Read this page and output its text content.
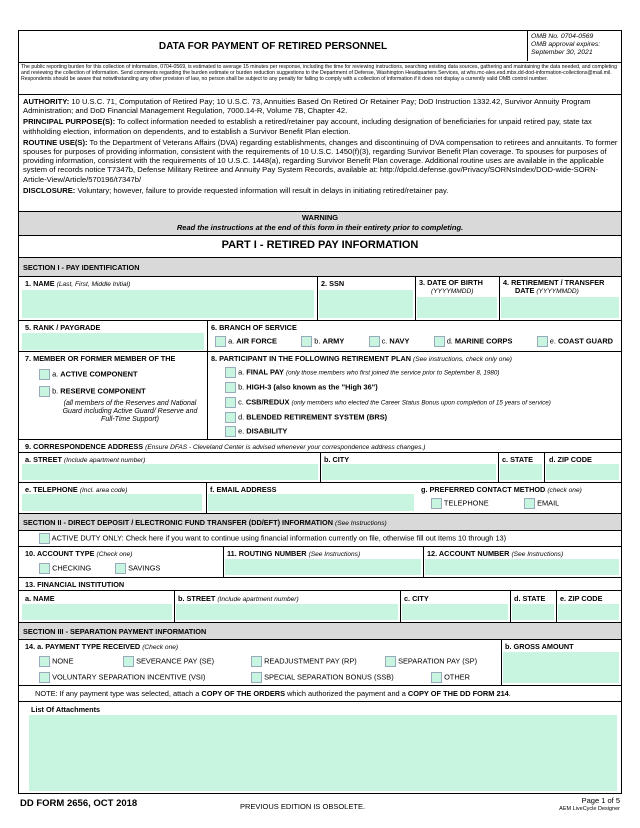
DATA FOR PAYMENT OF RETIRED PERSONNEL
OMB No. 0704-0569
OMB approval expires:
September 30, 2021
The public reporting burden for this collection of information, 0704-0569, is estimated to average 15 minutes per response, including the time for reviewing instructions, searching existing data sources, gathering and maintaining the data needed, and completing and reviewing the collection of information. Send comments regarding the burden estimate or burden reduction suggestions to the Department of Defense, Washington Headquarters Services, at whs.mc-alex.esd.mbx.dd-dod-information-collections@mail.mil. Respondents should be aware that notwithstanding any other provision of law, no person shall be subject to any penalty for failing to comply with a collection of information if it does not display a currently valid OMB control number.
AUTHORITY: 10 U.S.C. 71, Computation of Retired Pay; 10 U.S.C. 73, Annuities Based On Retired Or Retainer Pay; DoD Instruction 1332.42, Survivor Annuity Program Administration; and DoD Financial Management Regulation, 7000.14-R, Volume 7B, Chapter 42.
PRINCIPAL PURPOSE(S): To collect information needed to establish a retired/retainer pay account, including designation of beneficiaries for unpaid retired pay, state tax withholding election, information on dependents, and to establish a Survivor Benefit Plan election.
ROUTINE USE(S): To the Department of Veterans Affairs (DVA) regarding establishments, changes and discontinuing of DVA compensation to retirees and annuitants. To former spouses for purposes of providing information, consistent with the requirements of 10 U.S.C. 1450(f)(3), regarding Survivor Benefit Plan coverage. To spouses for purposes of providing information, consistent with the requirements of 10 U.S.C. 1448(a), regarding Survivor Benefit Plan coverage. Additional routine uses are available in the applicable system of records notice T7347b, Defense Military Retiree and Annuity Pay System Records, available at: http://dpcld.defense.gov/Privacy/SORNsIndex/DOD-wide-SORN-Article-View/Article/570196/t7347b/
DISCLOSURE: Voluntary; however, failure to provide requested information will result in delays in initiating retired/retainer pay.
WARNING
Read the instructions at the end of this form in their entirety prior to completing.
PART I - RETIRED PAY INFORMATION
SECTION I - PAY IDENTIFICATION
1. NAME (Last, First, Middle Initial)	2. SSN	3. DATE OF BIRTH
(YYYYMMDD)
4. RETIREMENT / TRANSFER
DATE (YYYYMMDD)
5. RANK / PAYGRADE	6. BRANCH OF SERVICE
a. AIR FORCE	b. ARMY	c. NAVY	d. MARINE CORPS	e. COAST GUARD
7. MEMBER OR FORMER MEMBER OF THE
a. ACTIVE COMPONENT
b. RESERVE COMPONENT
(all members of the Reserves and National Guard including Active Guard/ Reserve and Full-Time Support)
8. PARTICIPANT IN THE FOLLOWING RETIREMENT PLAN (See instructions, check only one)
a. FINAL PAY (only those members who first joined the service prior to September 8, 1980)
b. HIGH-3 (also known as the "High 36")
c. CSB/REDUX (only members who elected the Career Status Bonus upon completion of 15 years of service)
d. BLENDED RETIREMENT SYSTEM (BRS)
e. DISABILITY
9. CORRESPONDENCE ADDRESS (Ensure DFAS - Cleveland Center is advised whenever your correspondence address changes.)
a. STREET (Include apartment number)	b. CITY	c. STATE d. ZIP CODE
e. TELEPHONE (Incl. area code)	f. EMAIL ADDRESS	g. PREFERRED CONTACT METHOD (check one)
TELEPHONE	EMAIL
SECTION II - DIRECT DEPOSIT / ELECTRONIC FUND TRANSFER (DD/EFT) INFORMATION (See Instructions)
ACTIVE DUTY ONLY: Check here if you want to continue using financial information currently on file, otherwise fill out Items 10 through 13)
10. ACCOUNT TYPE (Check one)
CHECKING	SAVINGS
11. ROUTING NUMBER (See Instructions)	12. ACCOUNT NUMBER (See Instructions)
13. FINANCIAL INSTITUTION
a. NAME	b. STREET (Include apartment number)	c. CITY	d. STATE e. ZIP CODE
SECTION III - SEPARATION PAYMENT INFORMATION
14. a. PAYMENT TYPE RECEIVED (Check one)	b. GROSS AMOUNT
NONE	SEVERANCE PAY (SE)	READJUSTMENT PAY (RP)	SEPARATION PAY (SP)
VOLUNTARY SEPARATION INCENTIVE (VSI)	SPECIAL SEPARATION BONUS (SSB)	OTHER
NOTE: If any payment type was selected, attach a COPY OF THE ORDERS which authorized the payment and a COPY OF THE DD FORM 214.
List Of Attachments
DD FORM 2656, OCT 2018	PREVIOUS EDITION IS OBSOLETE.
Page 1 of 5
AEM LiveCycle Designer
